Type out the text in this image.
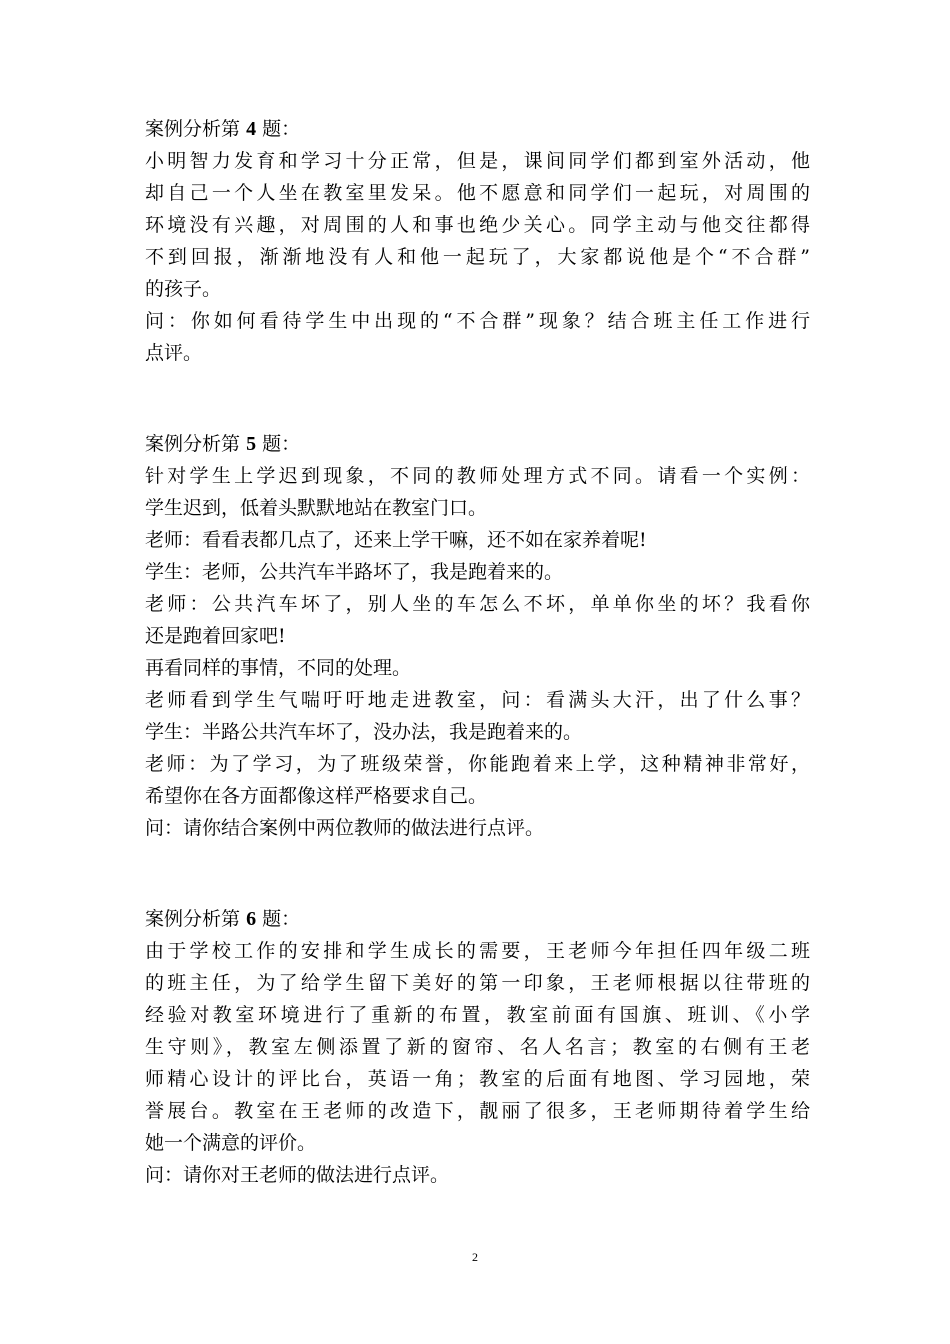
案例分析第 4 题：
小明智力发育和学习十分正常，但是，课间同学们都到室外活动，他
却自己一个人坐在教室里发呆。他不愿意和同学们一起玩，对周围的
环境没有兴趣，对周围的人和事也绝少关心。同学主动与他交往都得
不到回报，渐渐地没有人和他一起玩了，大家都说他是个“不合群”
的孩子。
问：你如何看待学生中出现的“不合群”现象？结合班主任工作进行
点评。
案例分析第 5 题：
针对学生上学迟到现象，不同的教师处理方式不同。请看一个实例：
学生迟到，低着头默默地站在教室门口。
老师：看看表都几点了，还来上学干嘛，还不如在家养着呢!
学生：老师，公共汽车半路坏了，我是跑着来的。
老师：公共汽车坏了，别人坐的车怎么不坏，单单你坐的坏？我看你
还是跑着回家吧!
再看同样的事情，不同的处理。
老师看到学生气喘吁吁地走进教室，问：看满头大汗，出了什么事？
学生：半路公共汽车坏了，没办法，我是跑着来的。
老师：为了学习，为了班级荣誉，你能跑着来上学，这种精神非常好，
希望你在各方面都像这样严格要求自己。
问：请你结合案例中两位教师的做法进行点评。
案例分析第 6 题：
由于学校工作的安排和学生成长的需要，王老师今年担任四年级二班
的班主任，为了给学生留下美好的第一印象，王老师根据以往带班的
经验对教室环境进行了重新的布置，教室前面有国旗、班训、《小学
生守则》，教室左侧添置了新的窗帘、名人名言；教室的右侧有王老
师精心设计的评比台，英语一角；教室的后面有地图、学习园地，荣
誉展台。教室在王老师的改造下，靓丽了很多，王老师期待着学生给
她一个满意的评价。
问：请你对王老师的做法进行点评。
2
